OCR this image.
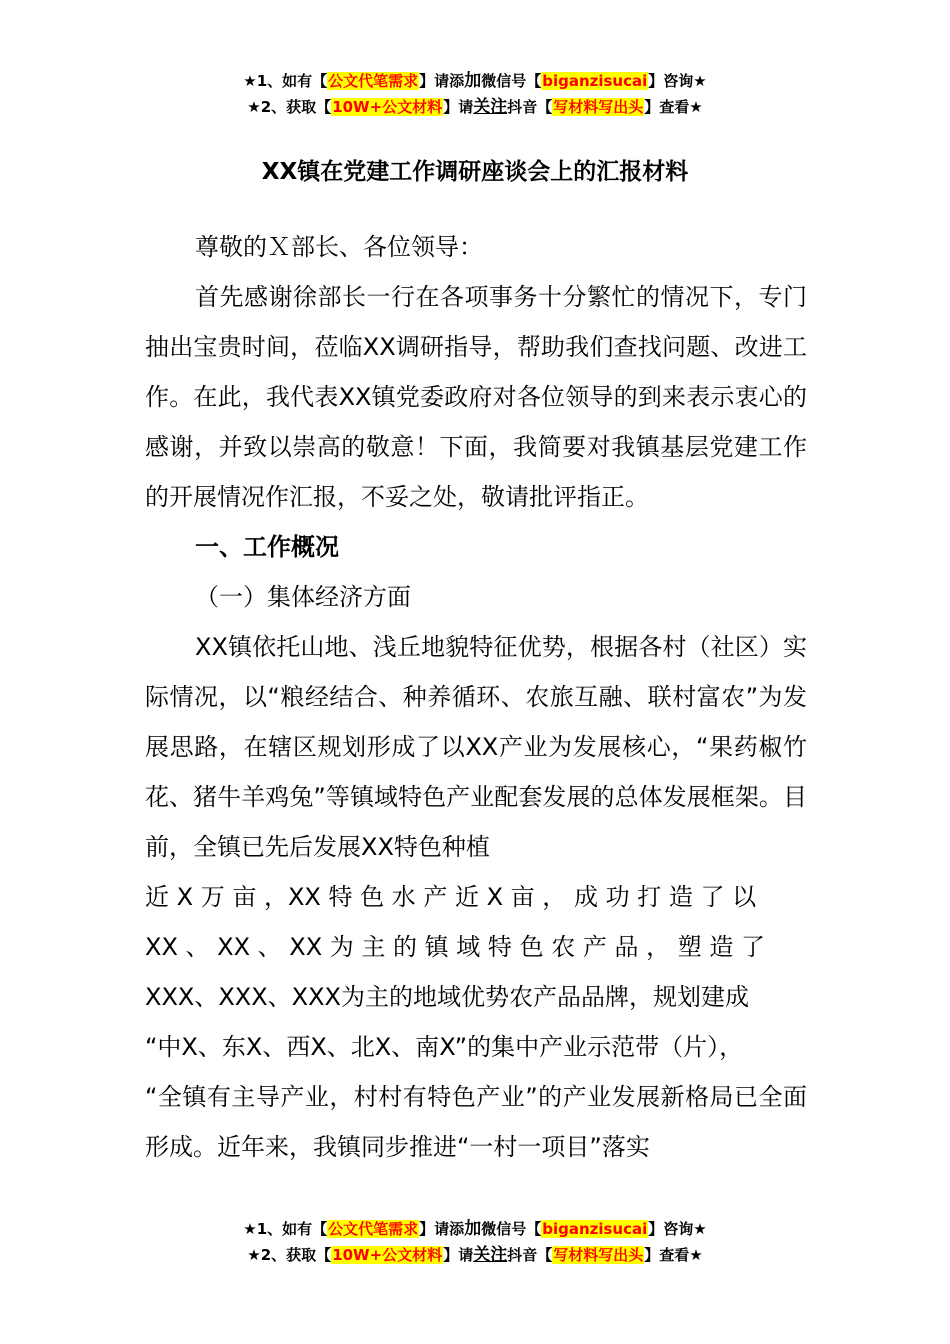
★1、如有【公文代笔需求】请添加微信号【biganzisucai】咨询★
★2、获取【10W+公文材料】请关注抖音【写材料写出头】查看★
XX镇在党建工作调研座谈会上的汇报材料

尊敬的Ｘ部长、各位领导：

首先感谢徐部长一行在各项事务十分繁忙的情况下，专门抽出宝贵时间，莅临XX调研指导，帮助我们查找问题、改进工作。在此，我代表XX镇党委政府对各位领导的到来表示衷心的感谢，并致以崇高的敬意！下面，我简要对我镇基层党建工作的开展情况作汇报，不妥之处，敬请批评指正。

一、工作概况

（一）集体经济方面

XX镇依托山地、浅丘地貌特征优势，根据各村（社区）实际情况，以“粮经结合、种养循环、农旅互融、联村富农”为发展思路，在辖区规划形成了以XX产业为发展核心，“果药椒竹花、猪牛羊鸡兔”等镇域特色产业配套发展的总体发展框架。目前，全镇已先后发展XX特色种植

近 X 万 亩 ，XX 特 色 水 产 近 X 亩 ， 成 功 打 造 了 以

XX 、 XX 、 XX 为 主 的 镇 域 特 色 农 产 品 ， 塑 造 了

XXX、XXX、XXX为主的地域优势农产品品牌，规划建成

“中X、东X、西X、北X、南X”的集中产业示范带（片），

“全镇有主导产业，村村有特色产业”的产业发展新格局已全面形成。近年来，我镇同步推进“一村一项目”落实

★1、如有【公文代笔需求】请添加微信号【biganzisucai】咨询★
★2、获取【10W+公文材料】请关注抖音【写材料写出头】查看★
